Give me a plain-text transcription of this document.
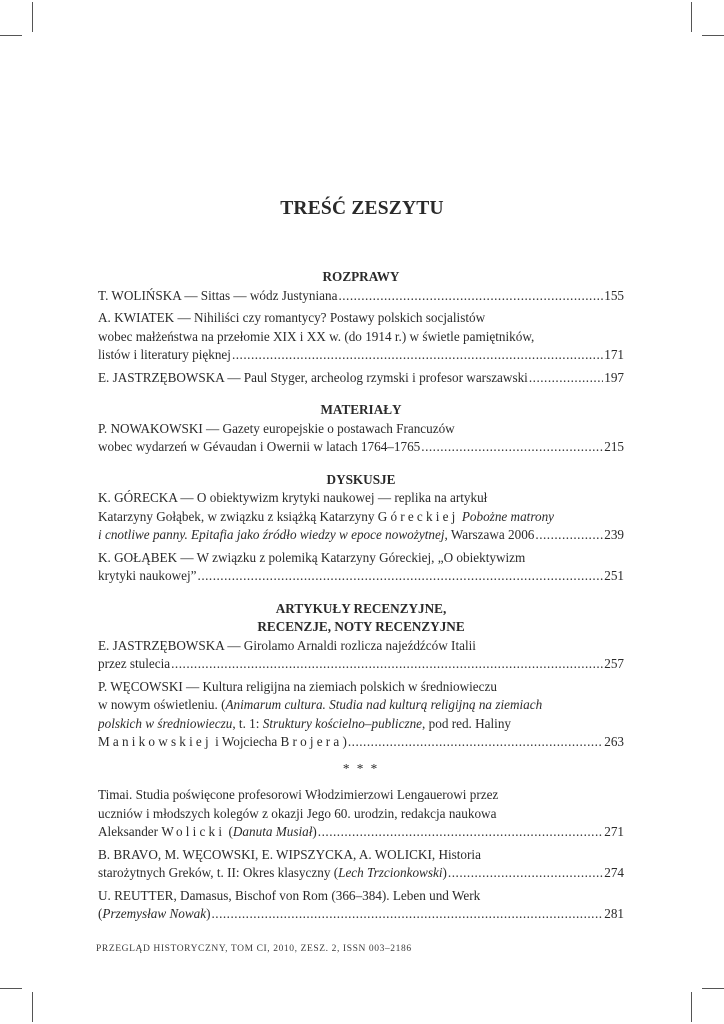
TREŚĆ ZESZYTU
ROZPRAWY
T. WOLIŃSKA — Sittas — wódz Justyniana .....	155
A. KWIATEK — Nihiliści czy romantycy? Postawy polskich socjalistów
wobec małżeństwa na przełomie XIX i XX w. (do 1914 r.) w świetle pamiętników,
listów i literatury pięknej .....	171
E. JASTRZĘBOWSKA — Paul Styger, archeolog rzymski i profesor warszawski .....	197
MATERIAŁY
P. NOWAKOWSKI — Gazety europejskie o postawach Francuzów
wobec wydarzeń w Gévaudan i Owernii w latach 1764–1765 .....	215
DYSKUSJE
K. GÓRECKA — O obiektywizm krytyki naukowej — replika na artykuł
Katarzyny Gołąbek, w związku z książką Katarzyny Góreckiej Pobożne matrony
i cnotliwe panny. Epitafia jako źródło wiedzy w epoce nowożytnej, Warszawa 2006 .....	239
K. GOŁĄBEK — W związku z polemiką Katarzyny Góreckiej, „O obiektywizm
krytyki naukowej” .....	251
ARTYKUŁY RECENZYJNE,
RECENZJE, NOTY RECENZYJNE
E. JASTRZĘBOWSKA — Girolamo Arnaldi rozlicza najeźdźców Italii
przez stulecia .....	257
P. WĘCOWSKI — Kultura religijna na ziemiach polskich w średniowieczu
w nowym oświetleniu. (Animarum cultura. Studia nad kulturą religijną na ziemiach
polskich w średniowieczu, t. 1: Struktury kościelno–publiczne, pod red. Haliny
Manikowskiej i Wojciecha Brojera) .....	263
* * *
Timai. Studia poświęcone profesorowi Włodzimierzowi Lengauerowi przez
uczniów i młodszych kolegów z okazji Jego 60. urodzin, redakcja naukowa
Aleksander Wolicki (Danuta Musiał) .....	271
B. BRAVO, M. WĘCOWSKI, E. WIPSZYCKA, A. WOLICKI, Historia
starożytnych Greków, t. II: Okres klasyczny (Lech Trzcionkowski) .....	274
U. REUTTER, Damasus, Bischof von Rom (366–384). Leben und Werk
(Przemysław Nowak) .....	281
PRZEGLĄD HISTORYCZNY, TOM CI, 2010, ZESZ. 2, ISSN 003–2186
